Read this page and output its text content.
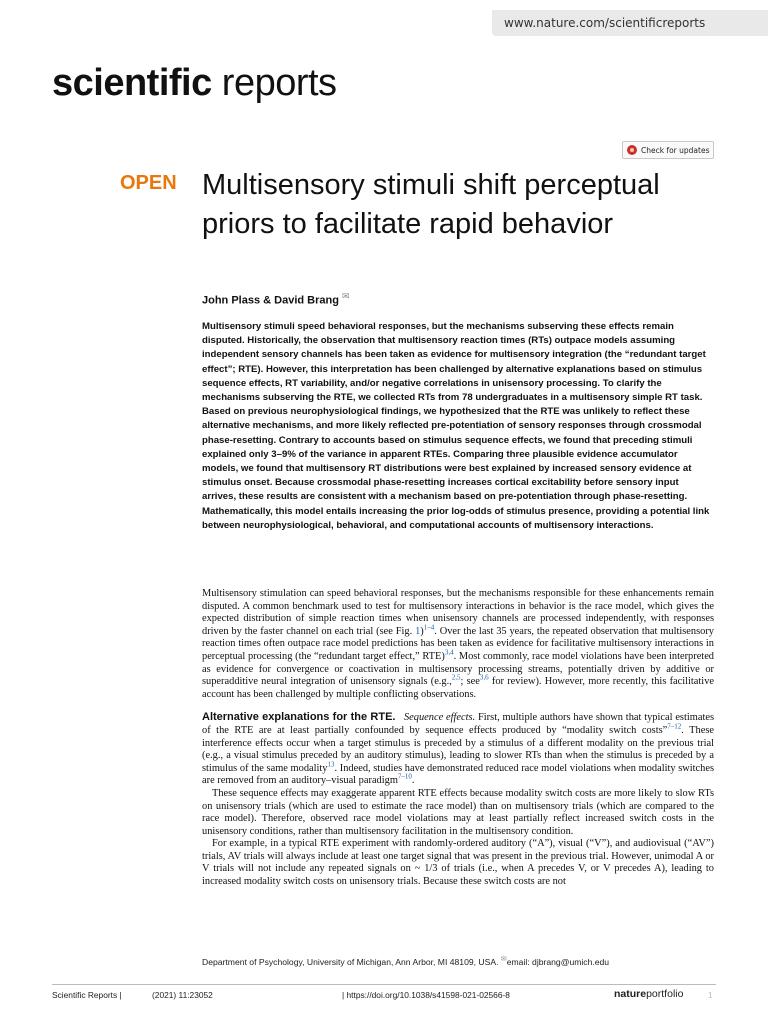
www.nature.com/scientificreports
scientific reports
Check for updates
OPEN Multisensory stimuli shift perceptual priors to facilitate rapid behavior
John Plass & David Brang ✉
Multisensory stimuli speed behavioral responses, but the mechanisms subserving these effects remain disputed. Historically, the observation that multisensory reaction times (RTs) outpace models assuming independent sensory channels has been taken as evidence for multisensory integration (the “redundant target effect”; RTE). However, this interpretation has been challenged by alternative explanations based on stimulus sequence effects, RT variability, and/or negative correlations in unisensory processing. To clarify the mechanisms subserving the RTE, we collected RTs from 78 undergraduates in a multisensory simple RT task. Based on previous neurophysiological findings, we hypothesized that the RTE was unlikely to reflect these alternative mechanisms, and more likely reflected pre-potentiation of sensory responses through crossmodal phase-resetting. Contrary to accounts based on stimulus sequence effects, we found that preceding stimuli explained only 3–9% of the variance in apparent RTEs. Comparing three plausible evidence accumulator models, we found that multisensory RT distributions were best explained by increased sensory evidence at stimulus onset. Because crossmodal phase-resetting increases cortical excitability before sensory input arrives, these results are consistent with a mechanism based on pre-potentiation through phase-resetting. Mathematically, this model entails increasing the prior log-odds of stimulus presence, providing a potential link between neurophysiological, behavioral, and computational accounts of multisensory interactions.

Multisensory stimulation can speed behavioral responses, but the mechanisms responsible for these enhancements remain disputed. A common benchmark used to test for multisensory interactions in behavior is the race model, which gives the expected distribution of simple reaction times when unisensory channels are processed independently, with responses driven by the faster channel on each trial (see Fig. 1)$^{1-4}$. Over the last 35 years, the repeated observation that multisensory reaction times often outpace race model predictions has been taken as evidence for facilitative multisensory interactions in perceptual processing (the “redundant target effect,” RTE)$^{3,4}$. Most commonly, race model violations have been interpreted as evidence for convergence or coactivation in multisensory processing streams, potentially driven by additive or superadditive neural integration of unisensory signals (e.g.,$^{2,5}$; see$^{3,6}$ for review). However, more recently, this facilitative account has been challenged by multiple conflicting observations.

Alternative explanations for the RTE. Sequence effects. First, multiple authors have shown that typical estimates of the RTE are at least partially confounded by sequence effects produced by “modality switch costs”$^{7-12}$. These interference effects occur when a target stimulus is preceded by a stimulus of a different modality on the previous trial (e.g., a visual stimulus preceded by an auditory stimulus), leading to slower RTs than when the stimulus is preceded by a stimulus of the same modality$^{13}$. Indeed, studies have demonstrated reduced race model violations when modality switches are removed from an auditory–visual paradigm$^{7-10}$.

These sequence effects may exaggerate apparent RTE effects because modality switch costs are more likely to slow RTs on unisensory trials (which are used to estimate the race model) than on multisensory trials (which are compared to the race model). Therefore, observed race model violations may at least partially reflect increased switch costs in the unisensory conditions, rather than multisensory facilitation in the multisensory condition.

For example, in a typical RTE experiment with randomly-ordered auditory (“A”), visual (“V”), and audiovisual (“AV”) trials, AV trials will always include at least one target signal that was present in the previous trial. However, unimodal A or V trials will not include any repeated signals on ~ 1/3 of trials (i.e., when A precedes V, or V precedes A), leading to increased modality switch costs on unisensory trials. Because these switch costs are not

Department of Psychology, University of Michigan, Ann Arbor, MI 48109, USA. ✉email: djbrang@umich.edu
Scientific Reports |	(2021) 11:23052	| https://doi.org/10.1038/s41598-021-02566-8	natureportfolio	1
